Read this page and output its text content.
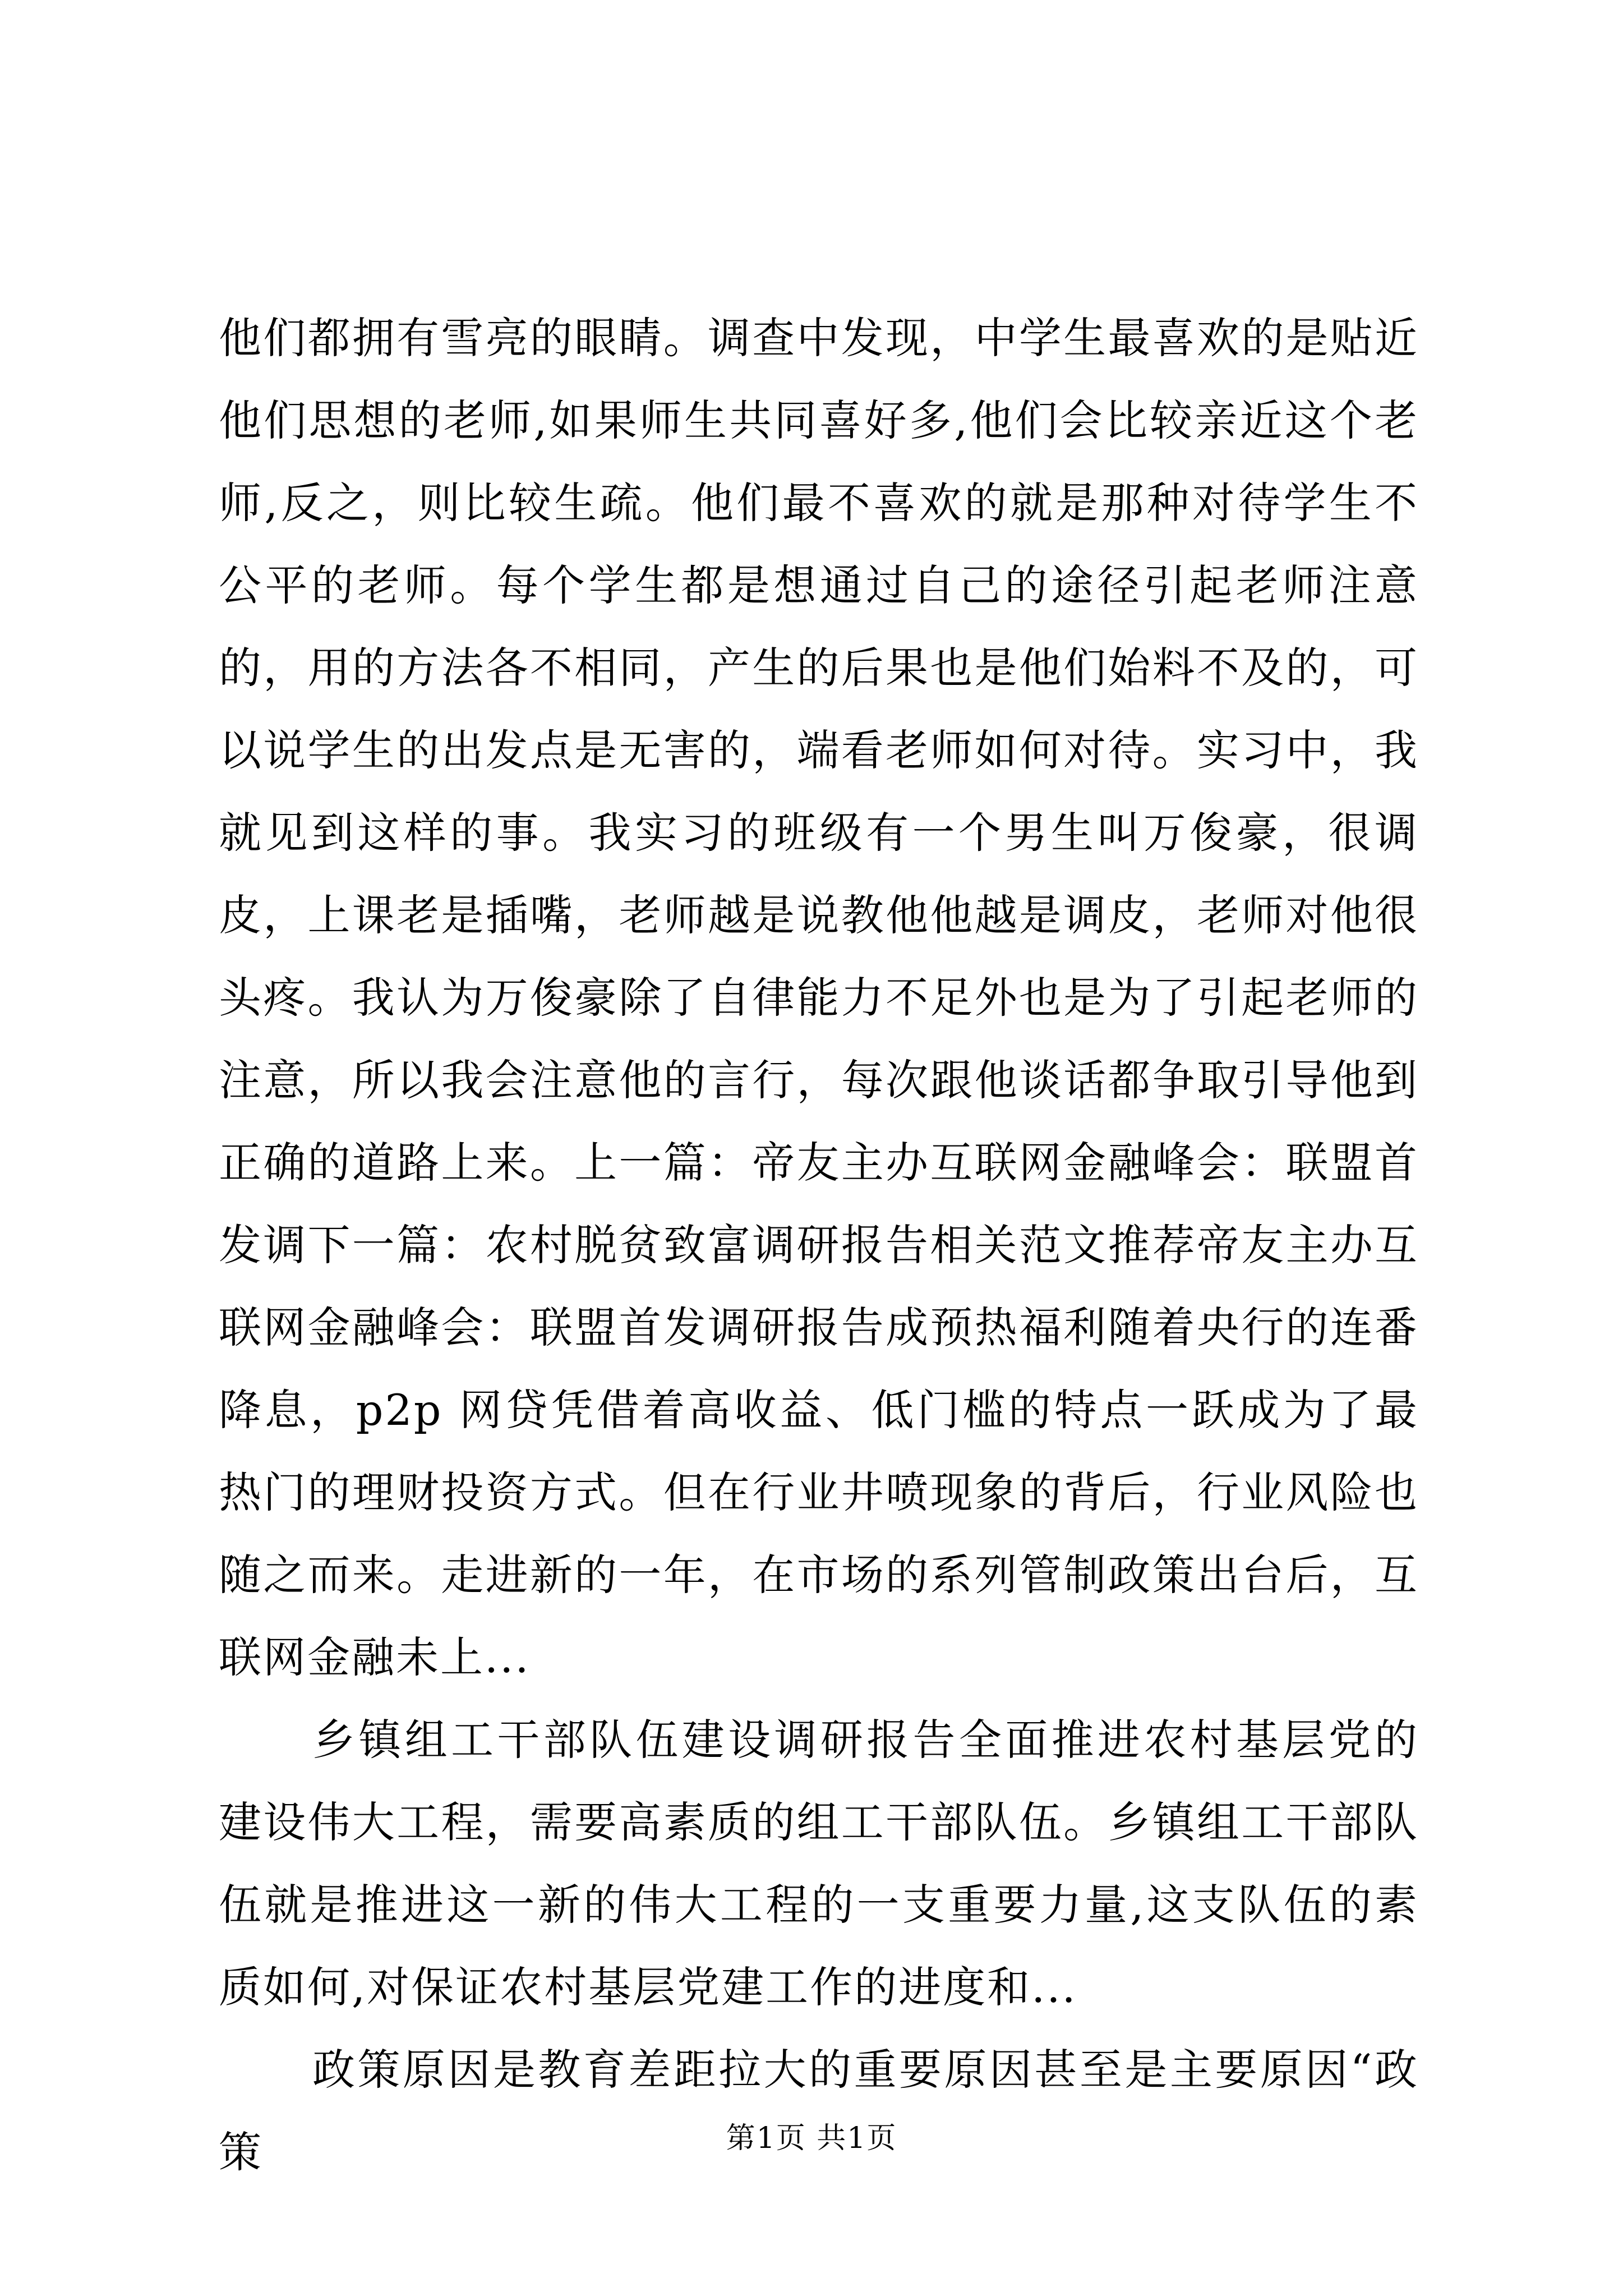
他们都拥有雪亮的眼睛。调查中发现，中学生最喜欢的是贴近他们思想的老师,如果师生共同喜好多,他们会比较亲近这个老师,反之，则比较生疏。他们最不喜欢的就是那种对待学生不公平的老师。每个学生都是想通过自己的途径引起老师注意的，用的方法各不相同，产生的后果也是他们始料不及的，可以说学生的出发点是无害的，端看老师如何对待。实习中，我就见到这样的事。我实习的班级有一个男生叫万俊豪，很调皮，上课老是插嘴，老师越是说教他他越是调皮，老师对他很头疼。我认为万俊豪除了自律能力不足外也是为了引起老师的注意，所以我会注意他的言行，每次跟他谈话都争取引导他到正确的道路上来。上一篇：帝友主办互联网金融峰会：联盟首发调下一篇：农村脱贫致富调研报告相关范文推荐帝友主办互联网金融峰会：联盟首发调研报告成预热福利随着央行的连番降息，p2p 网贷凭借着高收益、低门槛的特点一跃成为了最热门的理财投资方式。但在行业井喷现象的背后，行业风险也随之而来。走进新的一年，在市场的系列管制政策出台后，互联网金融未上...

乡镇组工干部队伍建设调研报告全面推进农村基层党的建设伟大工程，需要高素质的组工干部队伍。乡镇组工干部队伍就是推进这一新的伟大工程的一支重要力量,这支队伍的素质如何,对保证农村基层党建工作的进度和...

政策原因是教育差距拉大的重要原因甚至是主要原因“政策	第1页 共1页
